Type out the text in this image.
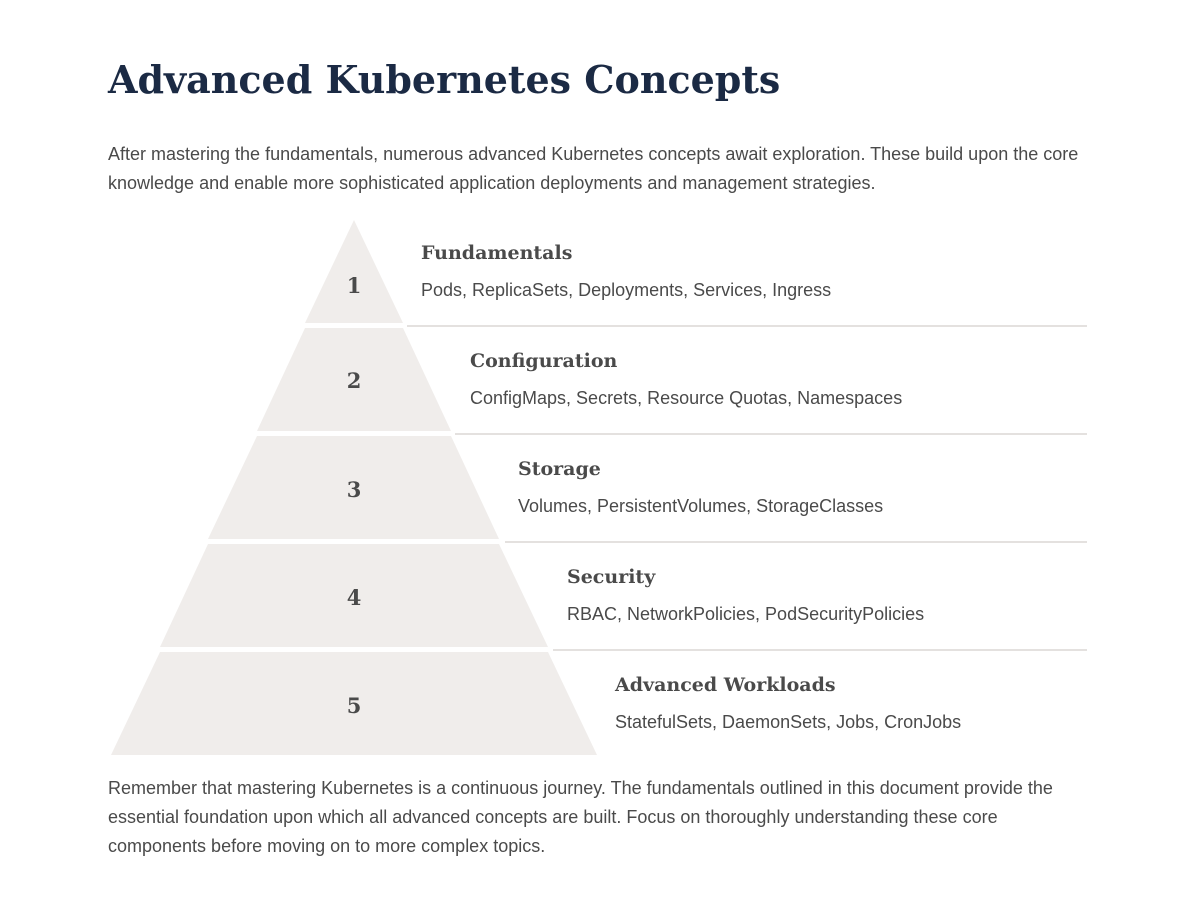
Advanced Kubernetes Concepts

After mastering the fundamentals, numerous advanced Kubernetes concepts await exploration. These build upon the core knowledge and enable more sophisticated application deployments and management strategies.

1
Fundamentals
Pods, ReplicaSets, Deployments, Services, Ingress
2
Configuration
ConfigMaps, Secrets, Resource Quotas, Namespaces
3
Storage
Volumes, PersistentVolumes, StorageClasses
4
Security
RBAC, NetworkPolicies, PodSecurityPolicies
5
Advanced Workloads
StatefulSets, DaemonSets, Jobs, CronJobs

Remember that mastering Kubernetes is a continuous journey. The fundamentals outlined in this document provide the essential foundation upon which all advanced concepts are built. Focus on thoroughly understanding these core components before moving on to more complex topics.
